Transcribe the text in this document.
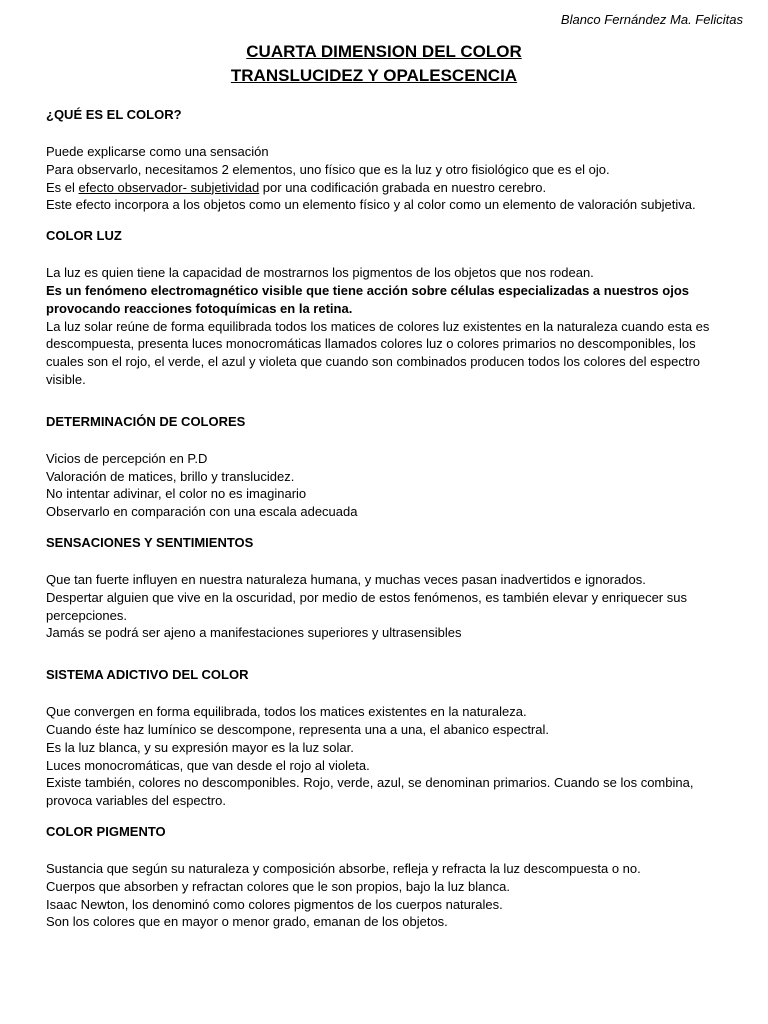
Blanco Fernández Ma. Felicitas
CUARTA DIMENSION DEL COLOR
TRANSLUCIDEZ Y OPALESCENCIA
¿QUÉ ES EL COLOR?

Puede explicarse como una sensación
Para observarlo, necesitamos 2 elementos, uno físico que es la luz y otro fisiológico que es el ojo.
Es el efecto observador- subjetividad por una codificación grabada en nuestro cerebro.
Este efecto incorpora a los objetos como un elemento físico y al color como un elemento de valoración subjetiva.

COLOR LUZ

La luz es quien tiene la capacidad de mostrarnos los pigmentos de los objetos que nos rodean.
Es un fenómeno electromagnético visible que tiene acción sobre células especializadas a nuestros ojos provocando reacciones fotoquímicas en la retina.
La luz solar reúne de forma equilibrada todos los matices de colores luz existentes en la naturaleza cuando esta es descompuesta, presenta luces monocromáticas llamados colores luz o colores primarios no descomponibles, los cuales son el rojo, el verde, el azul y violeta que cuando son combinados producen todos los colores del espectro visible.

DETERMINACIÓN DE COLORES

Vicios de percepción en P.D
Valoración de matices, brillo y translucidez.
No intentar adivinar, el color no es imaginario
Observarlo en comparación con una escala adecuada

SENSACIONES Y SENTIMIENTOS

Que tan fuerte influyen en nuestra naturaleza humana, y muchas veces pasan inadvertidos e ignorados.
Despertar alguien que vive en la oscuridad, por medio de estos fenómenos, es también elevar y enriquecer sus percepciones.
Jamás se podrá ser ajeno a manifestaciones superiores y ultrasensibles

SISTEMA ADICTIVO DEL COLOR

Que convergen en forma equilibrada, todos los matices existentes en la naturaleza.
Cuando éste haz lumínico se descompone, representa una a una, el abanico espectral.
Es la luz blanca, y su expresión mayor es la luz solar.
Luces monocromáticas, que van desde el rojo al violeta.
Existe también, colores no descomponibles. Rojo, verde, azul, se denominan primarios. Cuando se los combina, provoca variables del espectro.

COLOR PIGMENTO

Sustancia que según su naturaleza y composición absorbe, refleja y refracta la luz descompuesta o no.
Cuerpos que absorben y refractan colores que le son propios, bajo la luz blanca.
Isaac Newton, los denominó como colores pigmentos de los cuerpos naturales.
Son los colores que en mayor o menor grado, emanan de los objetos.
